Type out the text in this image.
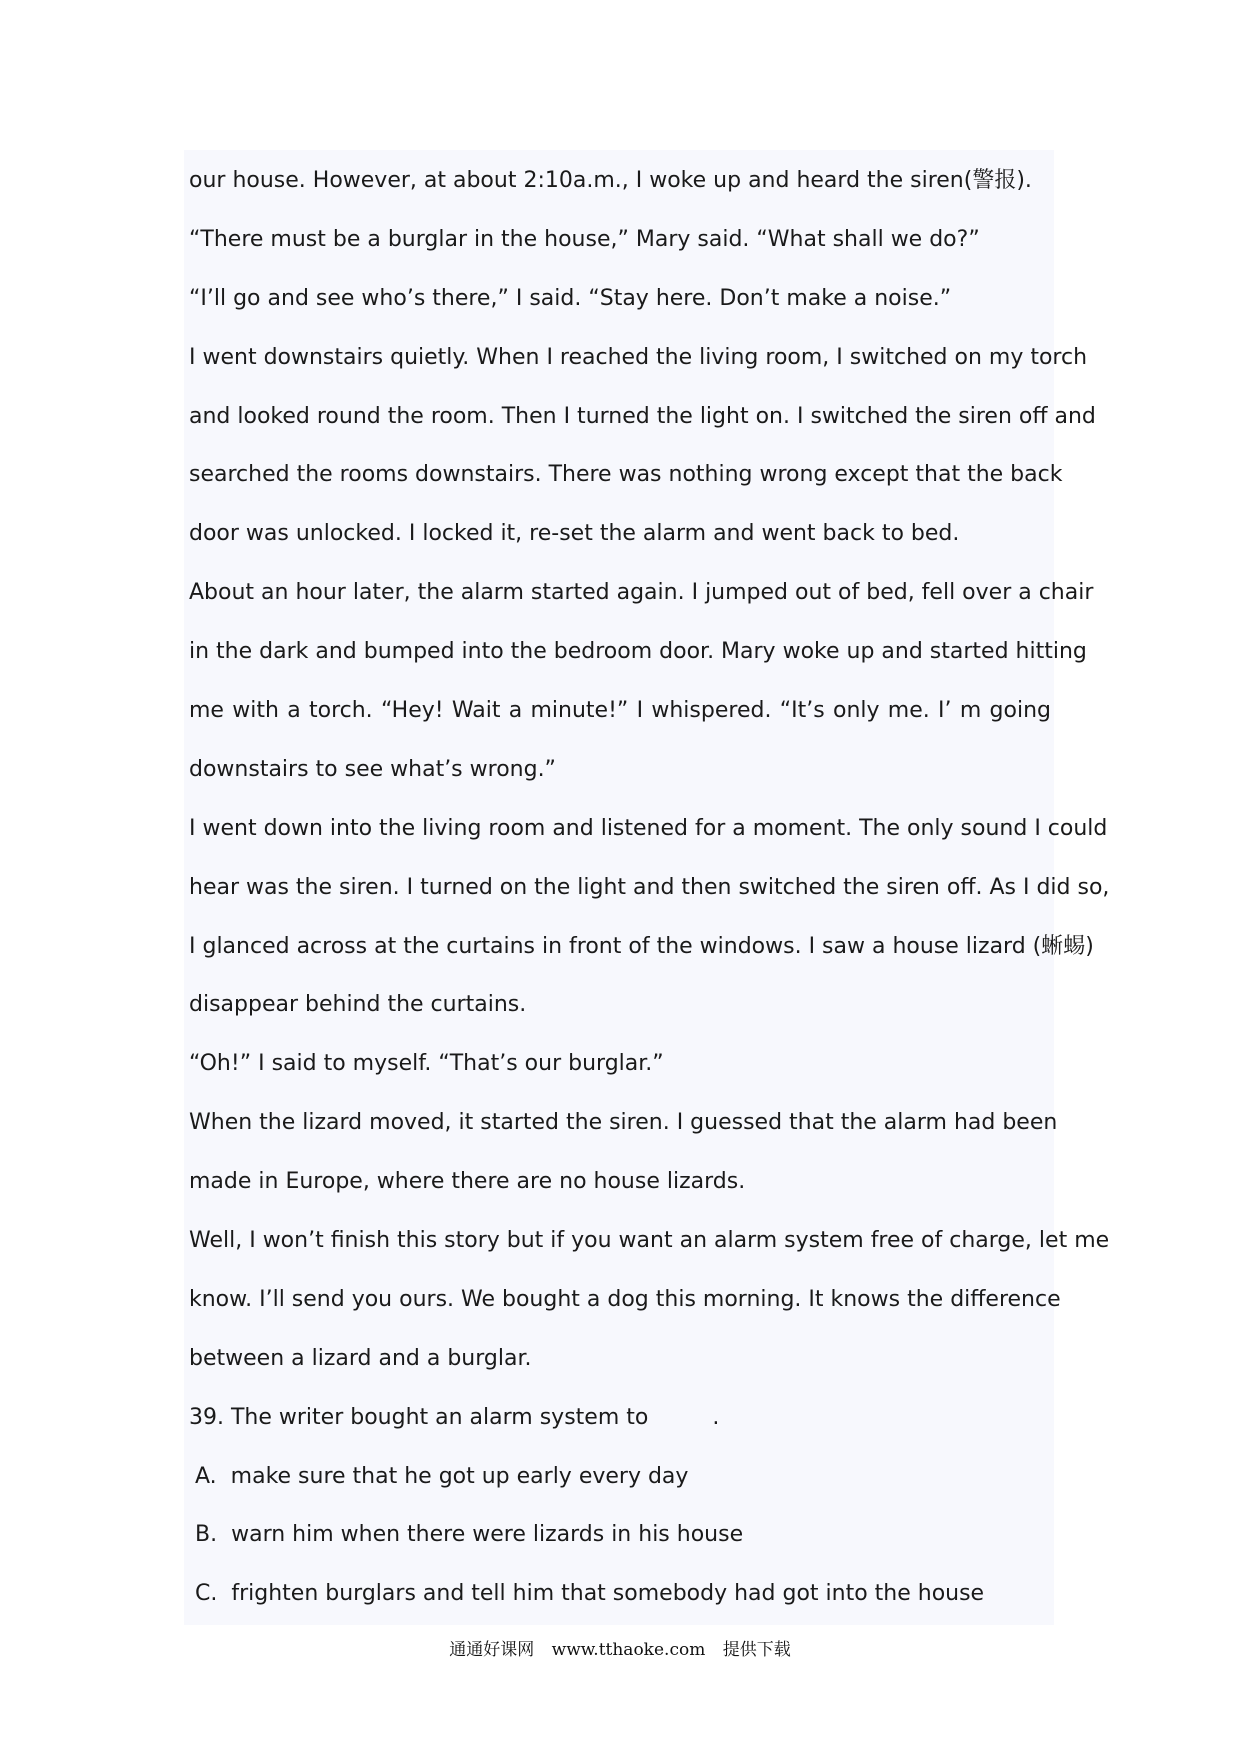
our house. However, at about 2:10a.m., I woke up and heard the siren(警报).
“There must be a burglar in the house,” Mary said. “What shall we do?”
“I’ll go and see who’s there,” I said. “Stay here. Don’t make a noise.”
I went downstairs quietly. When I reached the living room, I switched on my torch
and looked round the room. Then I turned the light on. I switched the siren off and
searched the rooms downstairs. There was nothing wrong except that the back
door was unlocked. I locked it, re-set the alarm and went back to bed.
About an hour later, the alarm started again. I jumped out of bed, fell over a chair
in the dark and bumped into the bedroom door. Mary woke up and started hitting
me with a torch. “Hey! Wait a minute!” I whispered. “It’s only me. I’ m going
downstairs to see what’s wrong.”
I went down into the living room and listened for a moment. The only sound I could
hear was the siren. I turned on the light and then switched the siren off. As I did so,
I glanced across at the curtains in front of the windows. I saw a house lizard (蜥蜴)
disappear behind the curtains.
“Oh!” I said to myself. “That’s our burglar.”
When the lizard moved, it started the siren. I guessed that the alarm had been
made in Europe, where there are no house lizards.
Well, I won’t finish this story but if you want an alarm system free of charge, let me
know. I’ll send you ours. We bought a dog this morning. It knows the difference
between a lizard and a burglar.
39. The writer bought an alarm system to	.
A. make sure that he got up early every day
B. warn him when there were lizards in his house
C. frighten burglars and tell him that somebody had got into the house
通通好课网 www.tthaoke.com 提供下载
